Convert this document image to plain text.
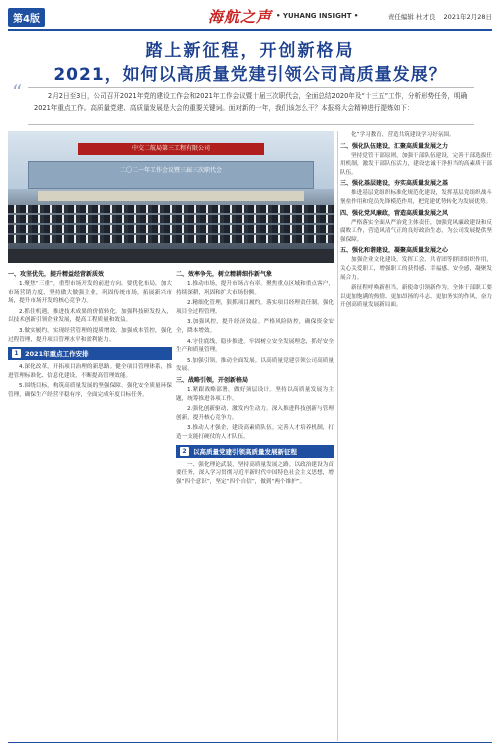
第4版	海航之声 • YUHANG INSIGHT •	责任编辑 杜才良 2021年2月28日
踏上新征程，开创新格局
2021，如何以高质量党建引领公司高质量发展？
“	2月2日至3日，公司召开2021年党的建设工作会和2021年工作会议暨十届三次职代会，全面总结2020年及“十三五”工作，分析形势任务，明确2021年重点工作。高质量党建、高质量发展是大会的重要关键词。面对新的一年，我们该怎么干？本报将大会精神进行提炼如下：
中交二航局第三工程有限公司
二〇二一年工作会议暨三届三次职代会
一、攻坚优先，提升精益经营新质效

1.聚焦“三重”，重塑市场开发的前进方向。要优化布局，加大市场营销力度，坚持做大做强主业，巩固传统市场，拓展新兴市场，提升市场开发的核心竞争力。

2.抓住机遇，推进技术成果的价值转化。加强科技研发投入，以技术创新引领企业发展，提高工程质量和效益。

3.做实履约，实现经营管理的提质增效。加强成本管控，强化过程管理，提升项目管理水平和盈利能力。

1 2021年重点工作安排

4.深化改革，开拓项目治理的新思路。健全项目管理体系，推进管理标准化、信息化建设，不断提高管理效能。

5.围绕目标，构筑高质量发展的坚强保障。强化安全质量环保管理，确保生产经营平稳有序，全面完成年度目标任务。

二、效率争先，树立精耕细作新气象

1.推动市场，提升市场占有率。聚焦重点区域和重点客户，持续深耕，巩固和扩大市场份额。

2.精细化管理，狠抓项目履约。落实项目经理责任制，强化项目全过程管理。

3.加强风控，提升经济效益。严格风险防控，确保资金安全，降本增效。

4.守住底线，稳步推进。牢固树立安全发展理念，抓好安全生产和质量管理。

5.加强引领，推动全面发展。以高质量党建引领公司高质量发展。

三、战略引领，开创新格局

1.紧跟战略部署，做好顶层设计。坚持以高质量发展为主题，统筹推进各项工作。

2.强化创新驱动，激发内生动力。深入推进科技创新与管理创新，提升核心竞争力。

3.推动人才强企，建设高素质队伍。完善人才培养机制，打造一支能打硬仗的人才队伍。

2 以高质量党建引领高质量发展新征程

一、强化理论武装，坚持高质量发展之路。以政治建设为首要任务，深入学习贯彻习近平新时代中国特色社会主义思想，增强“四个意识”，坚定“四个自信”，做到“两个维护”。

化”学习教育，营造共筑建设学习好氛围。

二、强化队伍建设，汇聚高质量发展之力

坚持党管干部原则，加强干部队伍建设，完善干部选拔任用机制，激发干部队伍活力，建设忠诚干净担当的高素质干部队伍。

三、强化基层建设，夯实高质量发展之基

推进基层党组织标准化规范化建设，发挥基层党组织战斗堡垒作用和党员先锋模范作用，把党建优势转化为发展优势。

四、强化党风廉政，营造高质量发展之风

严格落实全面从严治党主体责任，加强党风廉政建设和反腐败工作，营造风清气正的良好政治生态，为公司发展提供坚强保障。

五、强化和谐建设，凝聚高质量发展之心

加强企业文化建设，发挥工会、共青团等群团组织作用，关心关爱职工，增强职工的获得感、幸福感、安全感，凝聚发展合力。

新征程呼唤新担当，新使命引领新作为。全体干部职工要以更加饱满的热情、更加昂扬的斗志、更加务实的作风，奋力开创高质量发展新局面。
